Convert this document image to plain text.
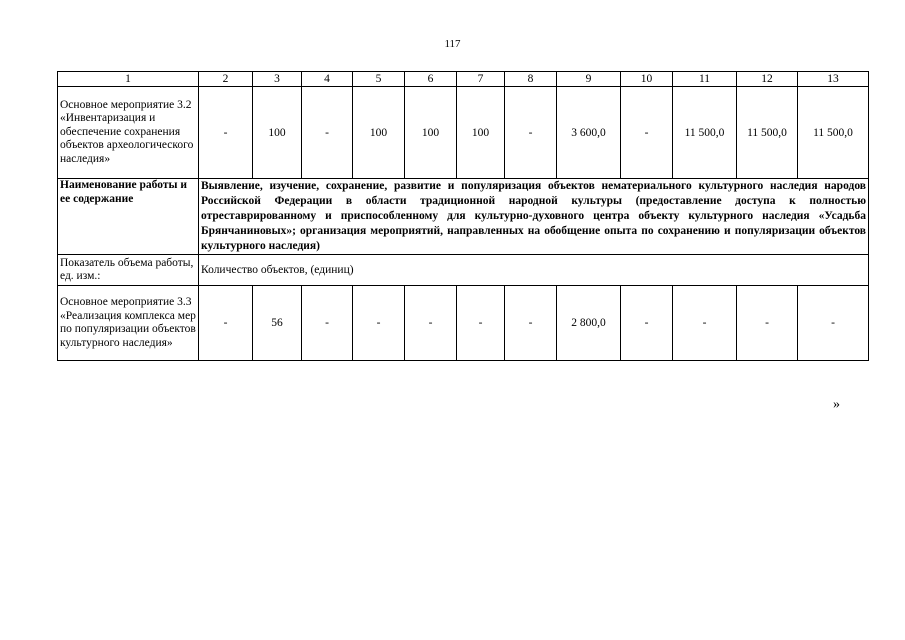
117
1	2	3	4	5	6	7	8	9	10	11	12	13
Основное мероприятие 3.2 «Инвентаризация и обеспечение сохранения объектов археологического наследия»	-	100	-	100	100	100	-	3 600,0	-	11 500,0	11 500,0	11 500,0
Наименование работы и ее содержание	Выявление, изучение, сохранение, развитие и популяризация объектов нематериального культурного наследия народов Российской Федерации в области традиционной народной культуры (предоставление доступа к полностью отреставрированному и приспособленному для культурно-духовного центра объекту культурного наследия «Усадьба Брянчаниновых»; организация мероприятий, направленных на обобщение опыта по сохранению и популяризации объектов культурного наследия)											
Показатель объема работы, ед. изм.:	Количество объектов, (единиц)											
Основное мероприятие 3.3 «Реализация комплекса мер по популяризации объектов культурного наследия»	-	56	-	-	-	-	-	2 800,0	-	-	-	-
»
